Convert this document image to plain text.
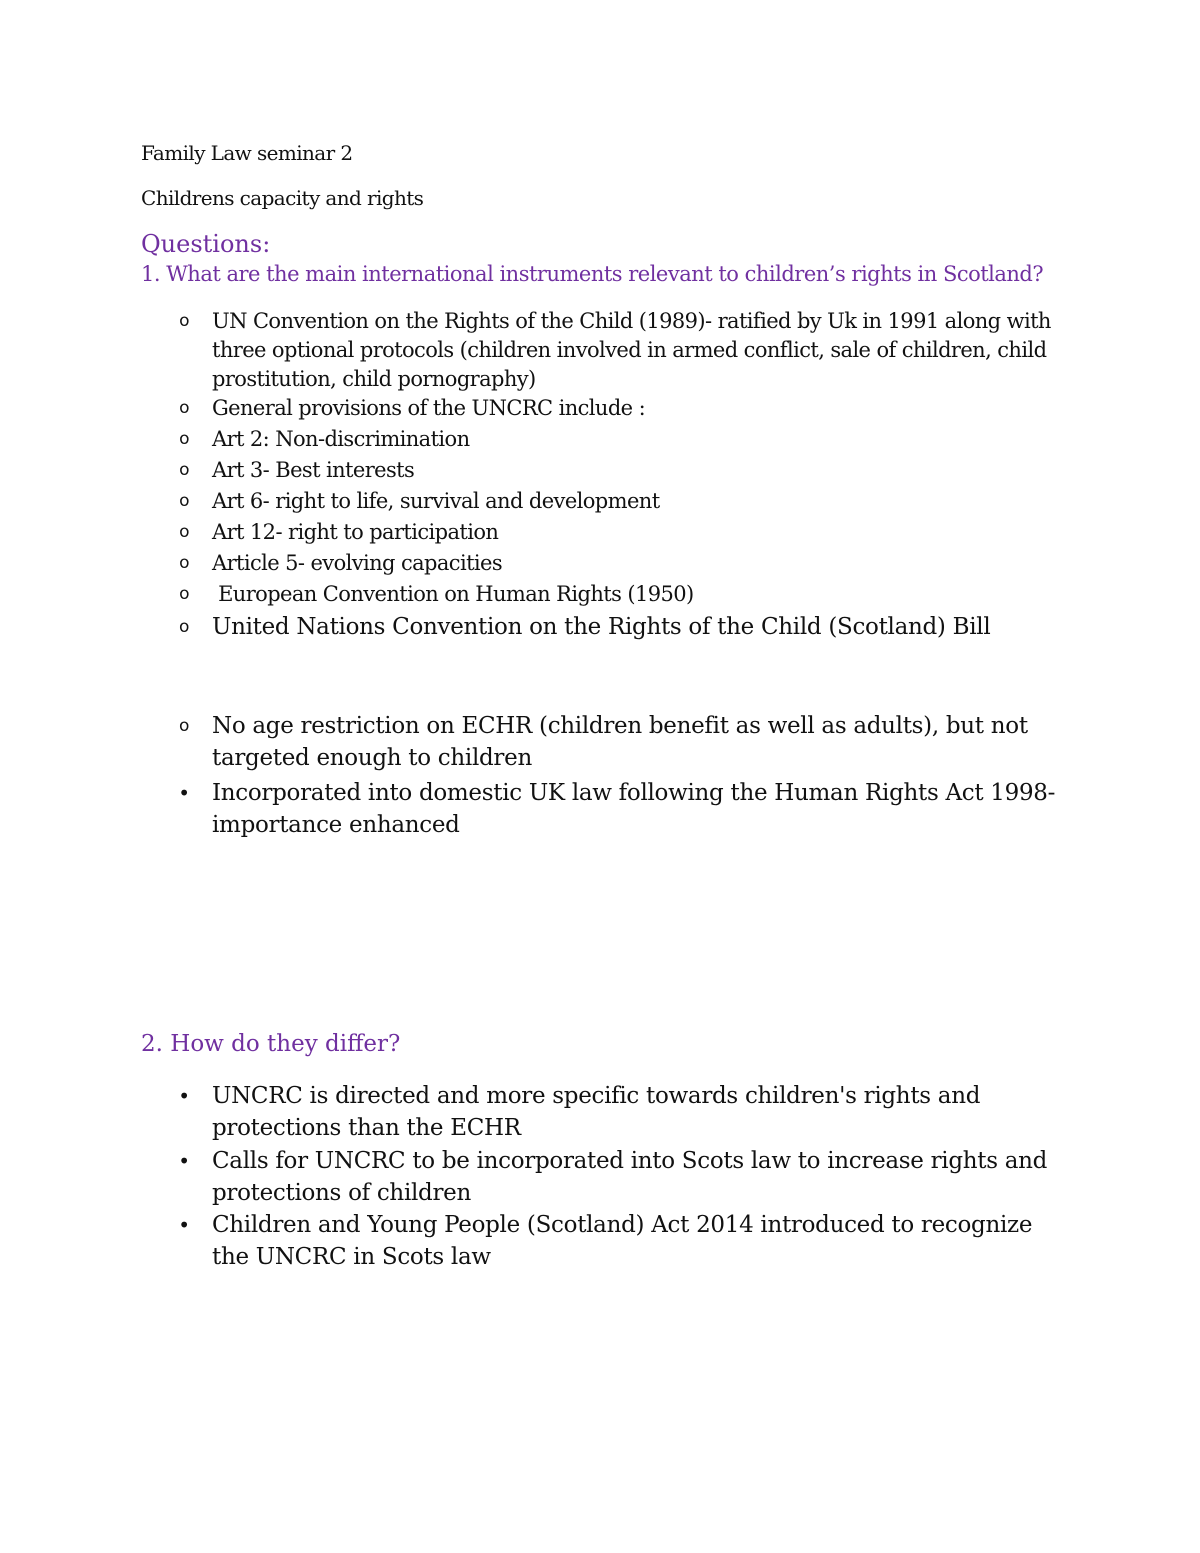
Family Law seminar 2

Childrens capacity and rights

Questions:

1. What are the main international instruments relevant to children’s rights in Scotland?

o	UN Convention on the Rights of the Child (1989)- ratified by Uk in 1991 along with three optional protocols (children involved in armed conflict, sale of children, child prostitution, child pornography)
o	General provisions of the UNCRC include :
o	Art 2: Non-discrimination
o	Art 3- Best interests
o	Art 6- right to life, survival and development
o	Art 12- right to participation
o	Article 5- evolving capacities
o	European Convention on Human Rights (1950)
o United Nations Convention on the Rights of the Child (Scotland) Bill
o No age restriction on ECHR (children benefit as well as adults), but not targeted enough to children
• Incorporated into domestic UK law following the Human Rights Act 1998- importance enhanced

2. How do they differ?

• UNCRC is directed and more specific towards children's rights and protections than the ECHR
• Calls for UNCRC to be incorporated into Scots law to increase rights and protections of children
• Children and Young People (Scotland) Act 2014 introduced to recognize the UNCRC in Scots law
